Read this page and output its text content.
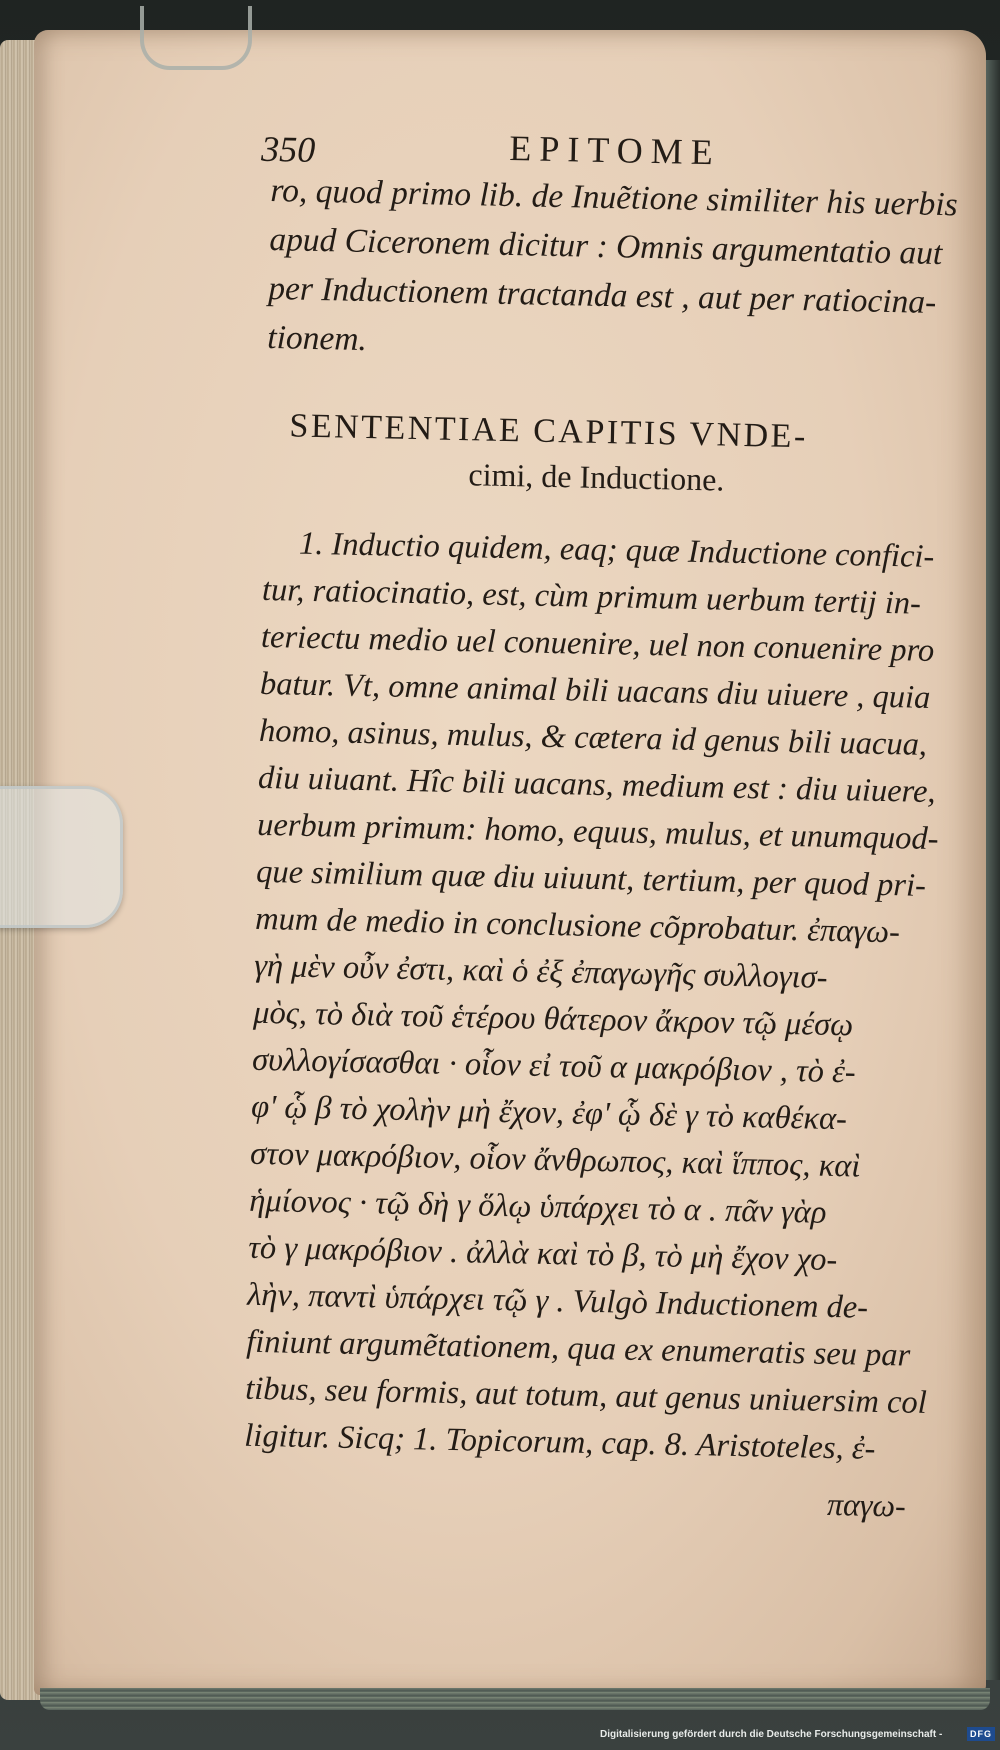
350	EPITOME
ro, quod primo lib. de Inuẽtione similiter his uerbis
apud Ciceronem dicitur : Omnis argumentatio aut
per Inductionem tractanda est , aut per ratiocina-
tionem.
SENTENTIAE CAPITIS VNDE-
cimi, de Inductione.
1. Inductio quidem, eaq; quæ Inductione confici-
tur, ratiocinatio, est, cùm primum uerbum tertij in-
teriectu medio uel conuenire, uel non conuenire pro
batur. Vt, omne animal bili uacans diu uiuere , quia
homo, asinus, mulus, & cætera id genus bili uacua,
diu uiuant. Hîc bili uacans, medium est : diu uiuere,
uerbum primum: homo, equus, mulus, et unumquod-
que similium quæ diu uiuunt, tertium, per quod pri-
mum de medio in conclusione cõprobatur. ἐπαγω-
γὴ μὲν οὖν ἐστι, καὶ ὁ ἐξ ἐπαγωγῆς συλλογισ-
μὸς, τὸ διὰ τοῦ ἑτέρου θάτερον ἄκρον τῷ μέσῳ
συλλογίσασθαι · οἷον εἰ τοῦ α μακρόβιον , τὸ ἐ-
φ' ᾧ β τὸ χολὴν μὴ ἔχον, ἐφ' ᾧ δὲ γ τὸ καθέκα-
στον μακρόβιον, οἷον ἄνθρωπος, καὶ ἵππος, καὶ
ἡμίονος · τῷ δὴ γ ὅλῳ ὑπάρχει τὸ α . πᾶν γὰρ
τὸ γ μακρόβιον . ἀλλὰ καὶ τὸ β, τὸ μὴ ἔχον χο-
λὴν, παντὶ ὑπάρχει τῷ γ . Vulgò Inductionem de-
finiunt argumẽtationem, qua ex enumeratis seu par
tibus, seu formis, aut totum, aut genus uniuersim col
ligitur. Sicq; 1. Topicorum, cap. 8. Aristoteles, ἐ-
παγω-
Digitalisierung gefördert durch die Deutsche Forschungsgemeinschaft -	DFG
